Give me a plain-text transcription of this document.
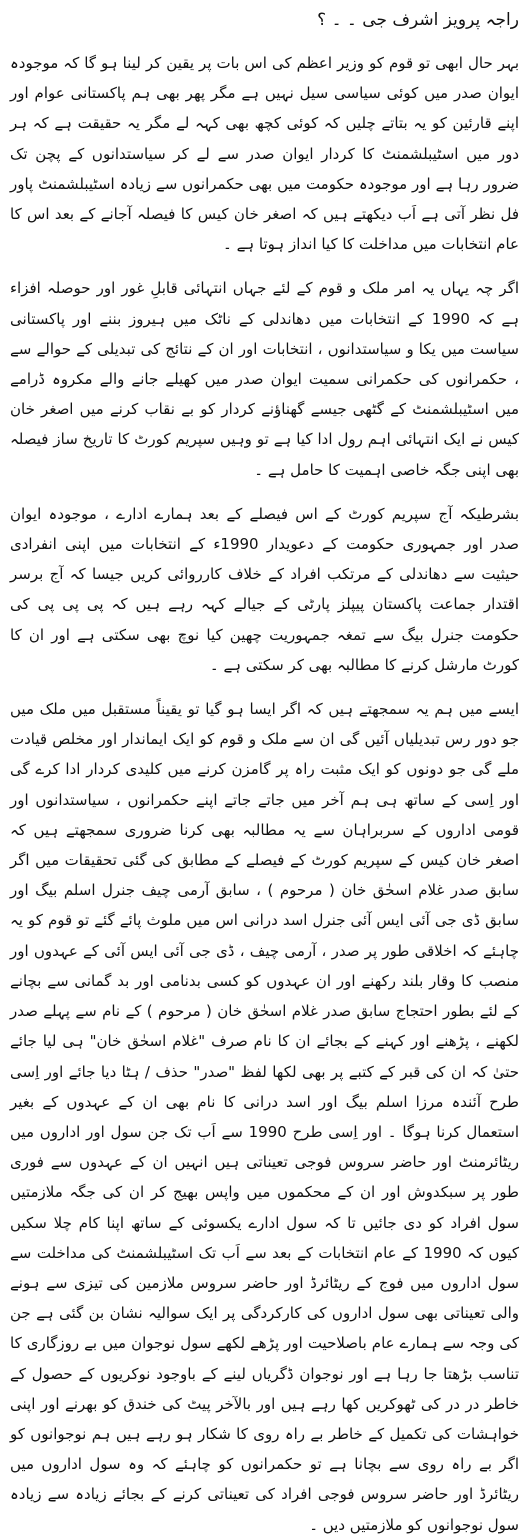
راجہ پرویز اشرف جی ۔ ۔ ؟

بہر حال ابھی تو قوم کو وزیر اعظم کی اس بات پر یقین کر لینا ہو گا کہ موجودہ ایوان صدر میں کوئی سیاسی سیل نہیں ہے مگر پھر بھی ہم پاکستانی عوام اور اپنے قارئین کو یہ بتاتے چلیں کہ کوئی کچھ بھی کہہ لے مگر یہ حقیقت ہے کہ ہر دور میں اسٹیبلشمنٹ کا کردار ایوان صدر سے لے کر سیاستدانوں کے پچن تک ضرور رہا ہے اور موجودہ حکومت میں بھی حکمرانوں سے زیادہ اسٹیبلشمنٹ پاور فل نظر آتی ہے اَب دیکھتے ہیں کہ اصغر خان کیس کا فیصلہ آجانے کے بعد اس کا عام انتخابات میں مداخلت کا کیا انداز ہوتا ہے ۔

اگر چہ یہاں یہ امر ملک و قوم کے لئے جہاں انتہائی قابلِ غور اور حوصلہ افزاء ہے کہ 1990 کے انتخابات میں دھاندلی کے ناٹک میں ہیروز بننے اور پاکستانی سیاست میں یکا و سیاستدانوں ، انتخابات اور ان کے نتائج کی تبدیلی کے حوالے سے ، حکمرانوں کی حکمرانی سمیت ایوان صدر میں کھیلے جانے والے مکروہ ڈرامے میں اسٹیبلشمنٹ کے گٹھی جیسے گھناؤنے کردار کو بے نقاب کرنے میں اصغر خان کیس نے ایک انتہائی اہم رول ادا کیا ہے تو وہیں سپریم کورٹ کا تاریخ ساز فیصلہ بھی اپنی جگہ خاصی اہمیت کا حامل ہے ۔

بشرطیکہ آج سپریم کورٹ کے اس فیصلے کے بعد ہمارے ادارے ، موجودہ ایوان صدر اور جمہوری حکومت کے دعویدار 1990ء کے انتخابات میں اپنی انفرادی حیثیت سے دھاندلی کے مرتکب افراد کے خلاف کارروائی کریں جیسا کہ آج برسر اقتدار جماعت پاکستان پیپلز پارٹی کے جیالے کہہ رہے ہیں کہ پی پی پی کی حکومت جنرل بیگ سے تمغہ جمہوریت چھین کیا نوچ بھی سکتی ہے اور ان کا کورٹ مارشل کرنے کا مطالبہ بھی کر سکتی ہے ۔

ایسے میں ہم یہ سمجھتے ہیں کہ اگر ایسا ہو گیا تو یقیناً مستقبل میں ملک میں جو دور رس تبدیلیاں آئیں گی ان سے ملک و قوم کو ایک ایماندار اور مخلص قیادت ملے گی جو دونوں کو ایک مثبت راہ پر گامزن کرنے میں کلیدی کردار ادا کرے گی اور اِسی کے ساتھ ہی ہم آخر میں جاتے جاتے اپنے حکمرانوں ، سیاستدانوں اور قومی اداروں کے سربراہان سے یہ مطالبہ بھی کرنا ضروری سمجھتے ہیں کہ اصغر خان کیس کے سپریم کورٹ کے فیصلے کے مطابق کی گئی تحقیقات میں اگر سابق صدر غلام اسحٰق خان ( مرحوم ) ، سابق آرمی چیف جنرل اسلم بیگ اور سابق ڈی جی آئی ایس آئی جنرل اسد درانی اس میں ملوث پائے گئے تو قوم کو یہ چاہئے کہ اخلاقی طور پر صدر ، آرمی چیف ، ڈی جی آئی ایس آئی کے عہدوں اور منصب کا وقار بلند رکھنے اور ان عہدوں کو کسی بدنامی اور بد گمانی سے بچانے کے لئے بطور احتجاج سابق صدر غلام اسحٰق خان ( مرحوم ) کے نام سے پہلے صدر لکھنے ، پڑھنے اور کہنے کے بجائے ان کا نام صرف "غلام اسحٰق خان" ہی لیا جائے حتیٰ کہ ان کی قبر کے کتبے پر بھی لکھا لفظ "صدر" حذف / ہٹا دیا جائے اور اِسی طرح آئندہ مرزا اسلم بیگ اور اسد درانی کا نام بھی ان کے عہدوں کے بغیر استعمال کرنا ہوگا ۔ اور اِسی طرح 1990 سے اَب تک جن سول اور اداروں میں ریٹائرمنٹ اور حاضر سروس فوجی تعیناتی ہیں انہیں ان کے عہدوں سے فوری طور پر سبکدوش اور ان کے محکموں میں واپس بھیج کر ان کی جگہ ملازمتیں سول افراد کو دی جائیں تا کہ سول ادارے یکسوئی کے ساتھ اپنا کام چلا سکیں کیوں کہ 1990 کے عام انتخابات کے بعد سے اَب تک اسٹیبلشمنٹ کی مداخلت سے سول اداروں میں فوج کے ریٹائرڈ اور حاضر سروس ملازمین کی تیزی سے ہونے والی تعیناتی بھی سول اداروں کی کارکردگی پر ایک سوالیہ نشان بن گئی ہے جن کی وجہ سے ہمارے عام باصلاحیت اور پڑھے لکھے سول نوجوان میں بے روزگاری کا تناسب بڑھتا جا رہا ہے اور نوجوان ڈگریاں لینے کے باوجود نوکریوں کے حصول کے خاطر در در کی ٹھوکریں کھا رہے ہیں اور بالآخر پیٹ کی خندق کو بھرنے اور اپنی خواہشات کی تکمیل کے خاطر بے راہ روی کا شکار ہو رہے ہیں ہم نوجوانوں کو اگر بے راہ روی سے بچانا ہے تو حکمرانوں کو چاہئے کہ وہ سول اداروں میں ریٹائرڈ اور حاضر سروس فوجی افراد کی تعیناتی کرنے کے بجائے زیادہ سے زیادہ سول نوجوانوں کو ملازمتیں دیں ۔
